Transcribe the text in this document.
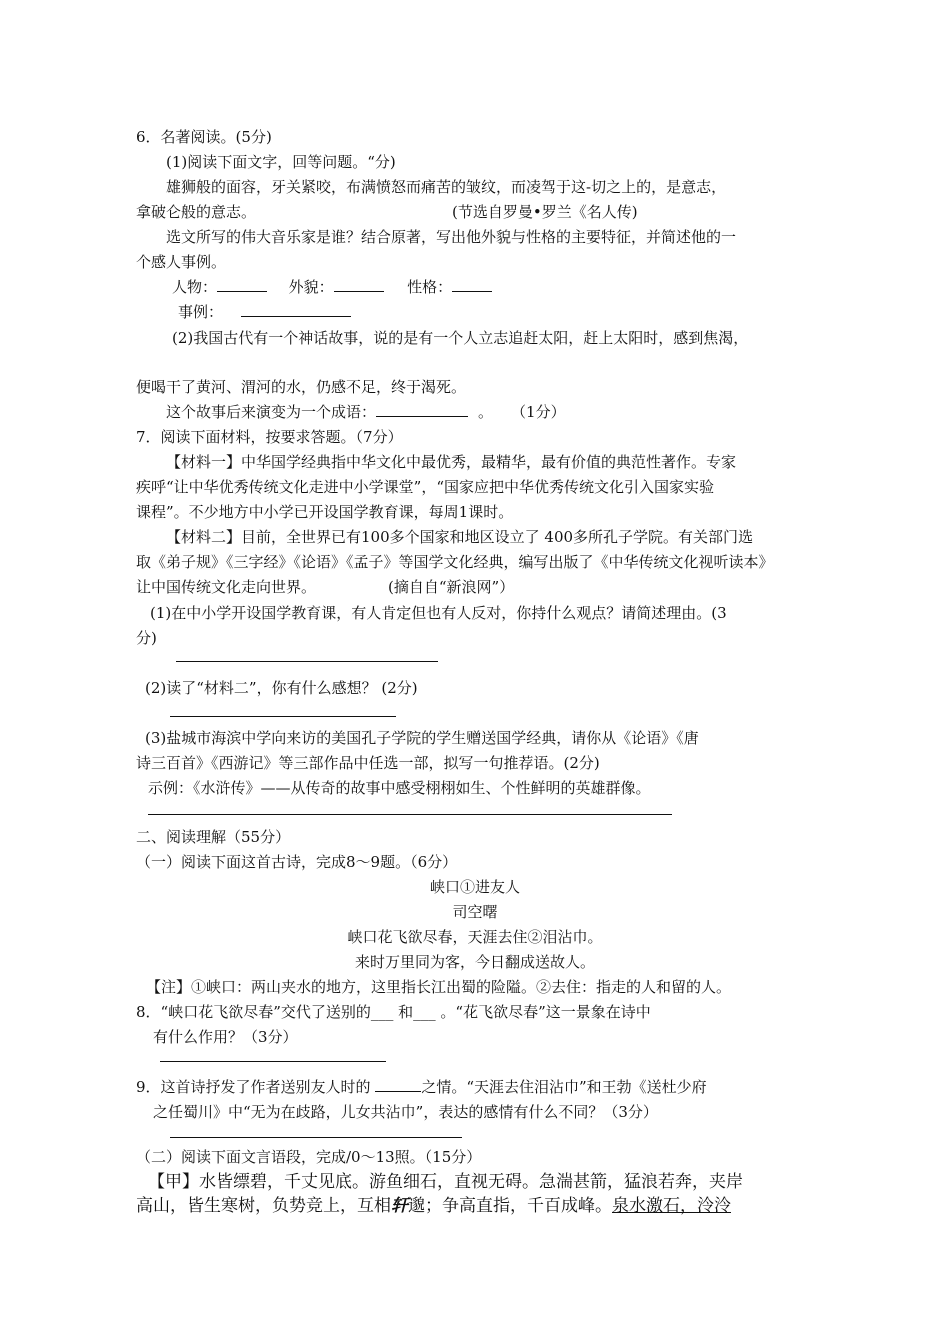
6．名著阅读。(5分)
(1)阅读下面文字，回等问题。“分)
雄狮般的面容，牙关紧咬，布满愤怒而痛苦的皱纹，而凌驾于这-切之上的，是意志，
拿破仑般的意志。	(节选自罗曼•罗兰《名人传)
选文所写的伟大音乐家是谁？结合原著，写出他外貌与性格的主要特征，并简述他的一
个感人事例。
人物：	外貌：	性格：
事例：
(2)我国古代有一个神话故事，说的是有一个人立志追赶太阳，赶上太阳时，感到焦渴，
便喝干了黄河、渭河的水，仍感不足，终于渴死。
这个故事后来演变为一个成语：	。 （1分）
7．阅读下面材料，按要求答题。（7分）
【材料一】中华国学经典指中华文化中最优秀，最精华，最有价值的典范性著作。专家
疾呼“让中华优秀传统文化走进中小学课堂”，“国家应把中华优秀传统文化引入国家实验
课程”。不少地方中小学已开设国学教育课，每周1课时。
【材料二】目前，全世界已有100多个国家和地区设立了 400多所孔子学院。有关部门选
取《弟子规》《三字经》《论语》《孟子》等国学文化经典，编写出版了《中华传统文化视听读本》
让中国传统文化走向世界。	(摘自自“新浪网”）
(1)在中小学开设国学教育课，有人肯定但也有人反对，你持什么观点？请简述理由。(3
分)
(2)读了“材料二”，你有什么感想？ (2分)
(3)盐城市海滨中学向来访的美国孔子学院的学生赠送国学经典，请你从《论语》《唐
诗三百首》《西游记》等三部作品中任选一部，拟写一句推荐语。(2分)
示例：《水浒传》——从传奇的故事中感受栩栩如生、个性鲜明的英雄群像。
二、阅读理解（55分）
（一）阅读下面这首古诗，完成8～9题。（6分）
峡口①进友人
司空曙
峡口花飞欲尽春，天涯去住②泪沾巾。
来时万里同为客，今日翻成送故人。
【注】①峡口：两山夹水的地方，这里指长江出蜀的险隘。②去住：指走的人和留的人。
8．“峡口花飞欲尽春”交代了送别的___ 和___ 。“花飞欲尽春”这一景象在诗中
有什么作用？（3分）
9．这首诗抒发了作者送别友人时的	之情。“天涯去住泪沾巾”和王勃《送杜少府
之任蜀川》中“无为在歧路，儿女共沾巾”，表达的感情有什么不同？（3分）
（二）阅读下面文言语段，完成/0～13照。（15分）
【甲】水皆缥碧，千丈见底。游鱼细石，直视无碍。急湍甚箭，猛浪若奔，夹岸
高山，皆生寒树，负势竞上，互相轩邈；争高直指，千百成峰。泉水激石，泠泠
